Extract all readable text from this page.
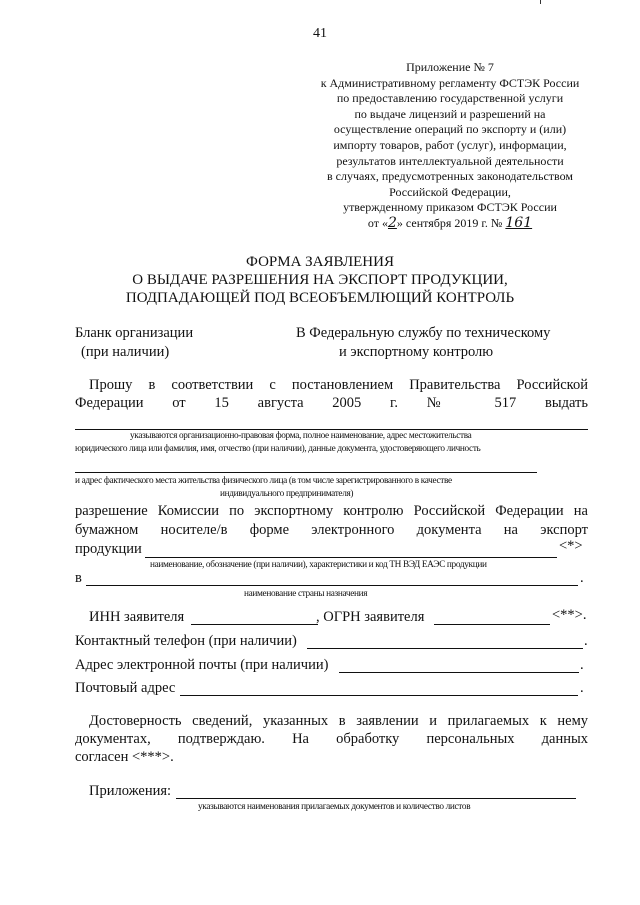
41
Приложение № 7
к Административному регламенту ФСТЭК России
по предоставлению государственной услуги
по выдаче лицензий и разрешений на
осуществление операций по экспорту и (или)
импорту товаров, работ (услуг), информации,
результатов интеллектуальной деятельности
в случаях, предусмотренных законодательством
Российской Федерации,
утвержденному приказом ФСТЭК России
от «2» сентября 2019 г. № 161
ФОРМА ЗАЯВЛЕНИЯ
О ВЫДАЧЕ РАЗРЕШЕНИЯ НА ЭКСПОРТ ПРОДУКЦИИ,
ПОДПАДАЮЩЕЙ ПОД ВСЕОБЪЕМЛЮЩИЙ КОНТРОЛЬ
Бланк организации
(при наличии)
В Федеральную службу по техническому
и экспортному контролю
Прошу в соответствии с постановлением Правительства Российской
Федерации от 15 августа 2005 г. № 517 выдать
указываются организационно-правовая форма, полное наименование, адрес местожительства
юридического лица или фамилия, имя, отчество (при наличии), данные документа, удостоверяющего личность
и адрес фактического места жительства физического лица (в том числе зарегистрированного в качестве
индивидуального предпринимателя)
разрешение Комиссии по экспортному контролю Российской Федерации на
бумажном носителе/в форме электронного документа на экспорт
продукции	<*>
наименование, обозначение (при наличии), характеристики и код ТН ВЭД ЕАЭС продукции
в	.
наименование страны назначения
ИНН заявителя	, ОГРН заявителя	<**>.
Контактный телефон (при наличии)	.
Адрес электронной почты (при наличии)	.
Почтовый адрес	.
Достоверность сведений, указанных в заявлении и прилагаемых к нему
документах, подтверждаю. На обработку персональных данных
согласен <***>.
Приложения:
указываются наименования прилагаемых документов и количество листов
